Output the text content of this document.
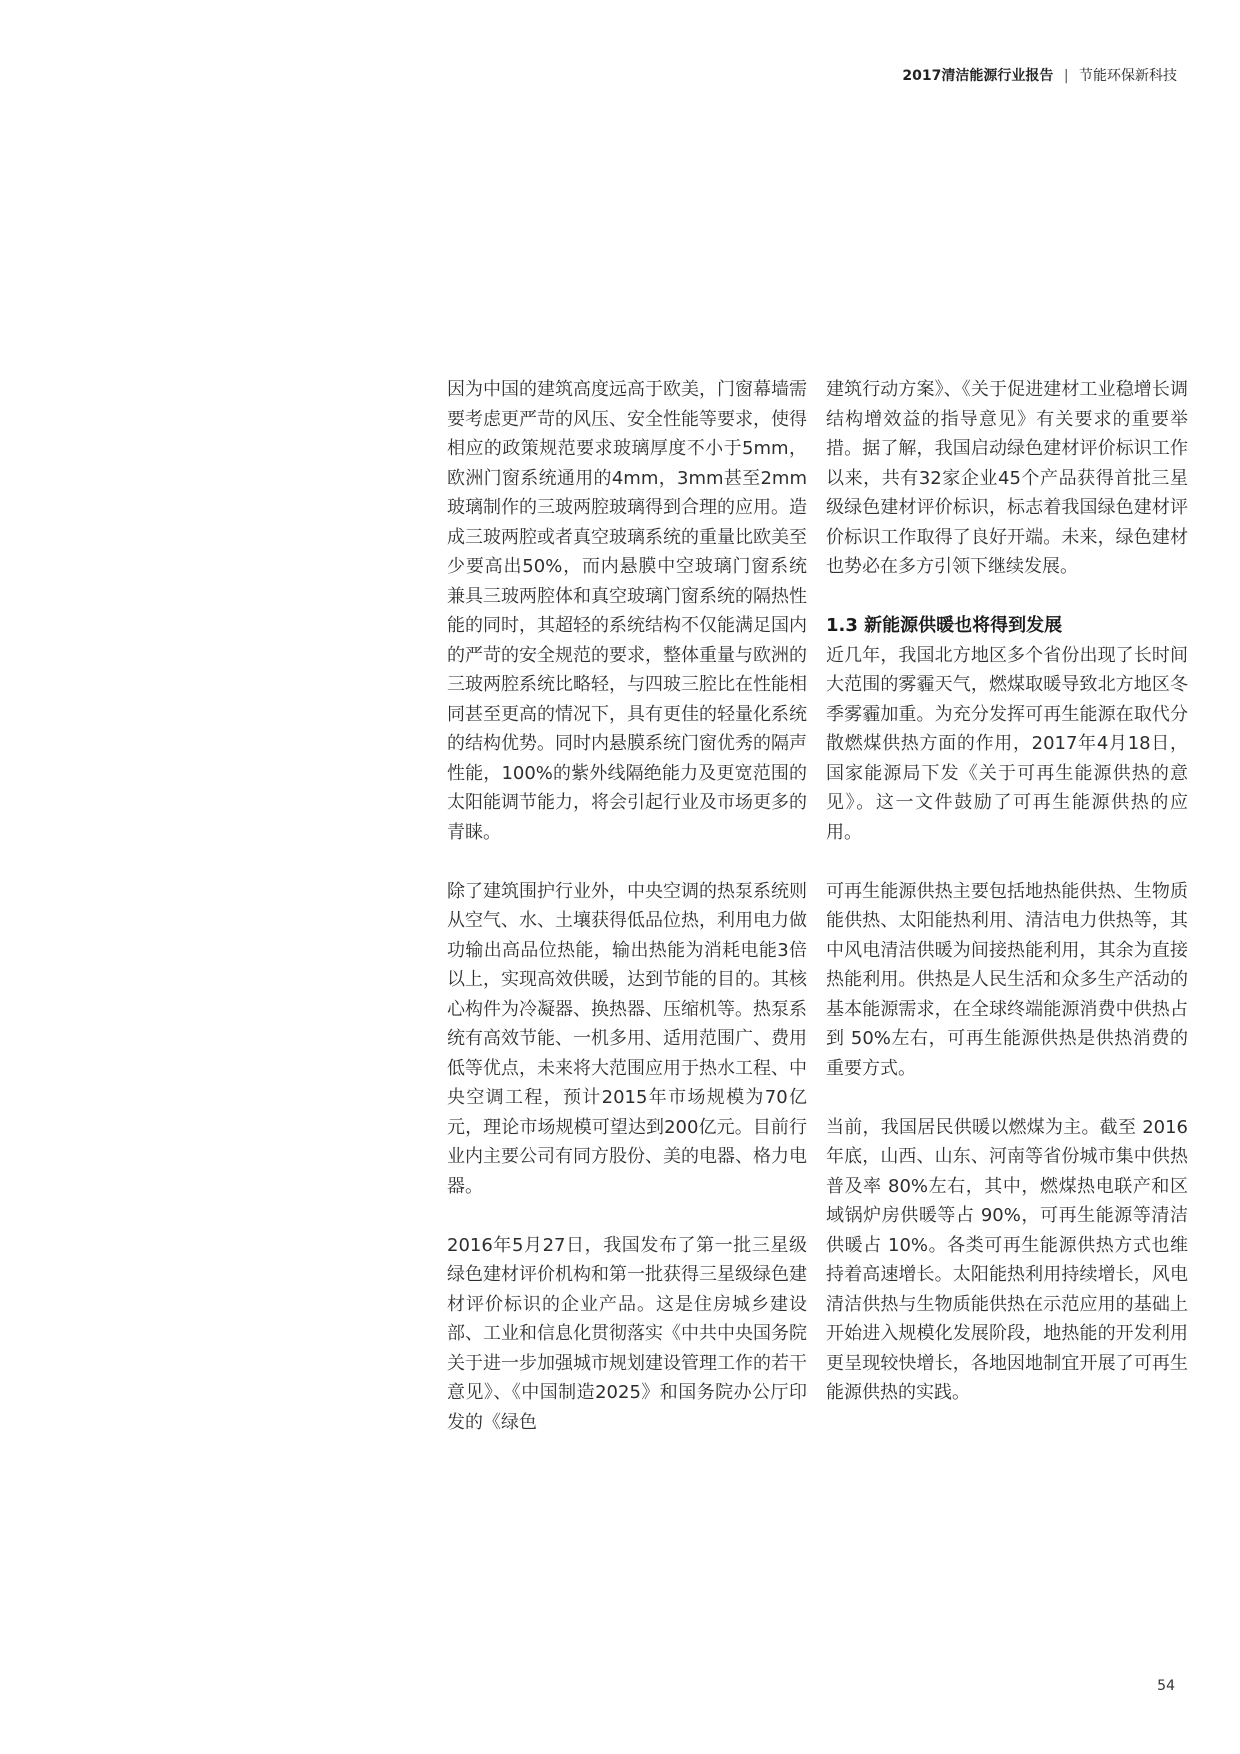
2017清洁能源行业报告 | 节能环保新科技

因为中国的建筑高度远高于欧美，门窗幕墙需要考虑更严苛的风压、安全性能等要求，使得相应的政策规范要求玻璃厚度不小于5mm，欧洲门窗系统通用的4mm，3mm甚至2mm玻璃制作的三玻两腔玻璃得到合理的应用。造成三玻两腔或者真空玻璃系统的重量比欧美至少要高出50%，而内悬膜中空玻璃门窗系统兼具三玻两腔体和真空玻璃门窗系统的隔热性能的同时，其超轻的系统结构不仅能满足国内的严苛的安全规范的要求，整体重量与欧洲的三玻两腔系统比略轻，与四玻三腔比在性能相同甚至更高的情况下，具有更佳的轻量化系统的结构优势。同时内悬膜系统门窗优秀的隔声性能，100%的紫外线隔绝能力及更宽范围的太阳能调节能力，将会引起行业及市场更多的青睐。

除了建筑围护行业外，中央空调的热泵系统则从空气、水、土壤获得低品位热，利用电力做功输出高品位热能，输出热能为消耗电能3倍以上，实现高效供暖，达到节能的目的。其核心构件为冷凝器、换热器、压缩机等。热泵系统有高效节能、一机多用、适用范围广、费用低等优点，未来将大范围应用于热水工程、中央空调工程，预计2015年市场规模为70亿元，理论市场规模可望达到200亿元。目前行业内主要公司有同方股份、美的电器、格力电器。

2016年5月27日，我国发布了第一批三星级绿色建材评价机构和第一批获得三星级绿色建材评价标识的企业产品。这是住房城乡建设部、工业和信息化贯彻落实《中共中央国务院关于进一步加强城市规划建设管理工作的若干意见》、《中国制造2025》和国务院办公厅印发的《绿色

建筑行动方案》、《关于促进建材工业稳增长调结构增效益的指导意见》有关要求的重要举措。据了解，我国启动绿色建材评价标识工作以来，共有32家企业45个产品获得首批三星级绿色建材评价标识，标志着我国绿色建材评价标识工作取得了良好开端。未来，绿色建材也势必在多方引领下继续发展。

1.3 新能源供暖也将得到发展

近几年，我国北方地区多个省份出现了长时间大范围的雾霾天气，燃煤取暖导致北方地区冬季雾霾加重。为充分发挥可再生能源在取代分散燃煤供热方面的作用，2017年4月18日，国家能源局下发《关于可再生能源供热的意见》。这一文件鼓励了可再生能源供热的应用。

可再生能源供热主要包括地热能供热、生物质能供热、太阳能热利用、清洁电力供热等，其中风电清洁供暖为间接热能利用，其余为直接热能利用。供热是人民生活和众多生产活动的基本能源需求，在全球终端能源消费中供热占到 50%左右，可再生能源供热是供热消费的重要方式。

当前，我国居民供暖以燃煤为主。截至 2016 年底，山西、山东、河南等省份城市集中供热普及率 80%左右，其中，燃煤热电联产和区域锅炉房供暖等占 90%，可再生能源等清洁供暖占 10%。各类可再生能源供热方式也维持着高速增长。太阳能热利用持续增长，风电清洁供热与生物质能供热在示范应用的基础上开始进入规模化发展阶段，地热能的开发利用更呈现较快增长，各地因地制宜开展了可再生能源供热的实践。

54
